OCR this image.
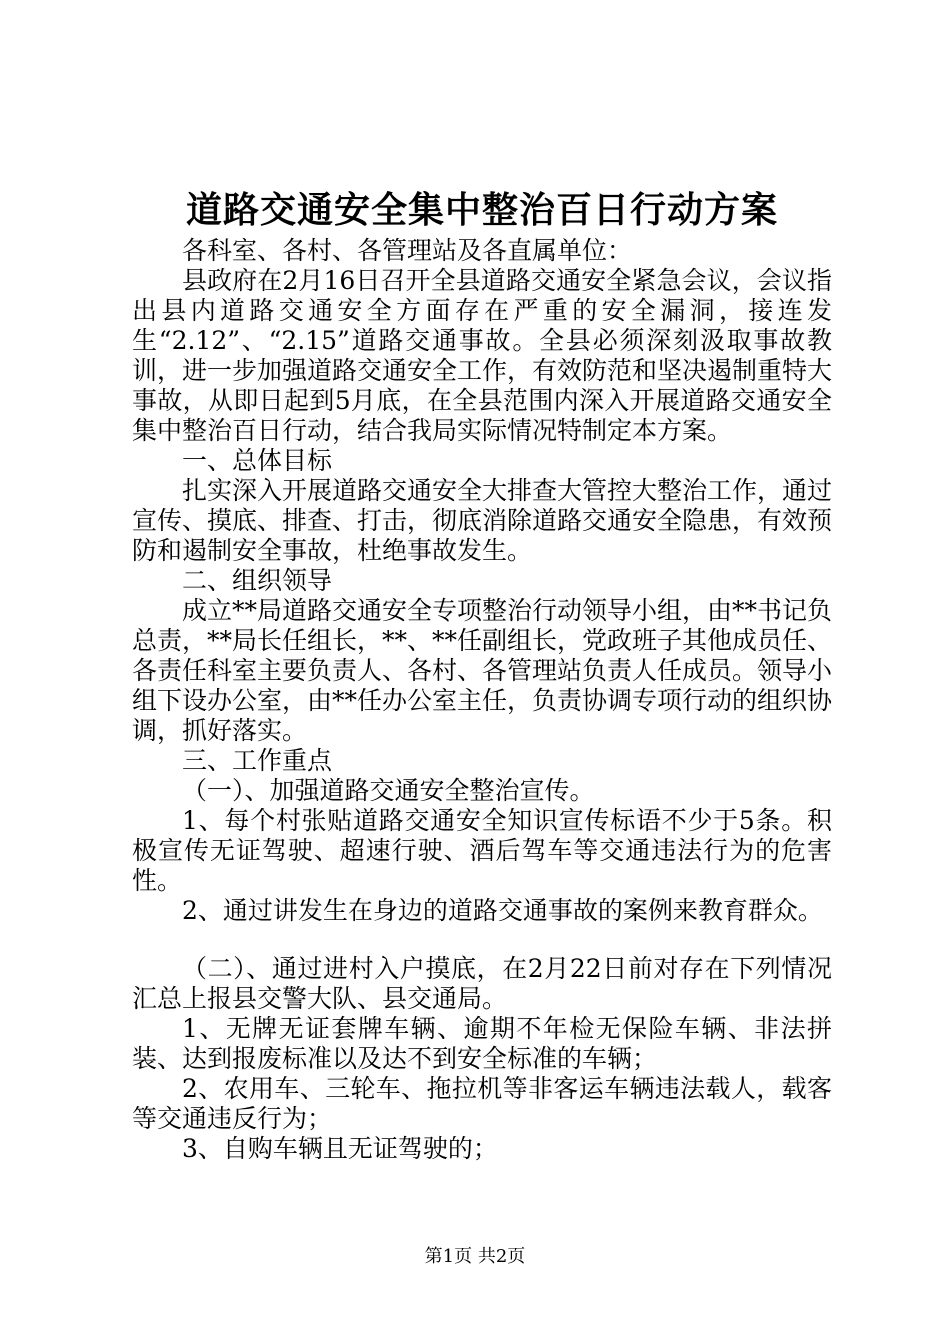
道路交通安全集中整治百日行动方案

各科室、各村、各管理站及各直属单位：

县政府在2月16日召开全县道路交通安全紧急会议，会议指出县内道路交通安全方面存在严重的安全漏洞，接连发生“2.12”、“2.15”道路交通事故。全县必须深刻汲取事故教训，进一步加强道路交通安全工作，有效防范和坚决遏制重特大事故，从即日起到5月底，在全县范围内深入开展道路交通安全集中整治百日行动，结合我局实际情况特制定本方案。

一、总体目标

扎实深入开展道路交通安全大排查大管控大整治工作，通过宣传、摸底、排查、打击，彻底消除道路交通安全隐患，有效预防和遏制安全事故，杜绝事故发生。

二、组织领导

成立**局道路交通安全专项整治行动领导小组，由**书记负总责，**局长任组长，**、**任副组长，党政班子其他成员任、各责任科室主要负责人、各村、各管理站负责人任成员。领导小组下设办公室，由**任办公室主任，负责协调专项行动的组织协调，抓好落实。

三、工作重点

（一）、加强道路交通安全整治宣传。

1、每个村张贴道路交通安全知识宣传标语不少于5条。积极宣传无证驾驶、超速行驶、酒后驾车等交通违法行为的危害性。

2、通过讲发生在身边的道路交通事故的案例来教育群众。

（二）、通过进村入户摸底，在2月22日前对存在下列情况汇总上报县交警大队、县交通局。

1、无牌无证套牌车辆、逾期不年检无保险车辆、非法拼装、达到报废标准以及达不到安全标准的车辆；

2、农用车、三轮车、拖拉机等非客运车辆违法载人，载客等交通违反行为；

3、自购车辆且无证驾驶的；

第1页 共2页
